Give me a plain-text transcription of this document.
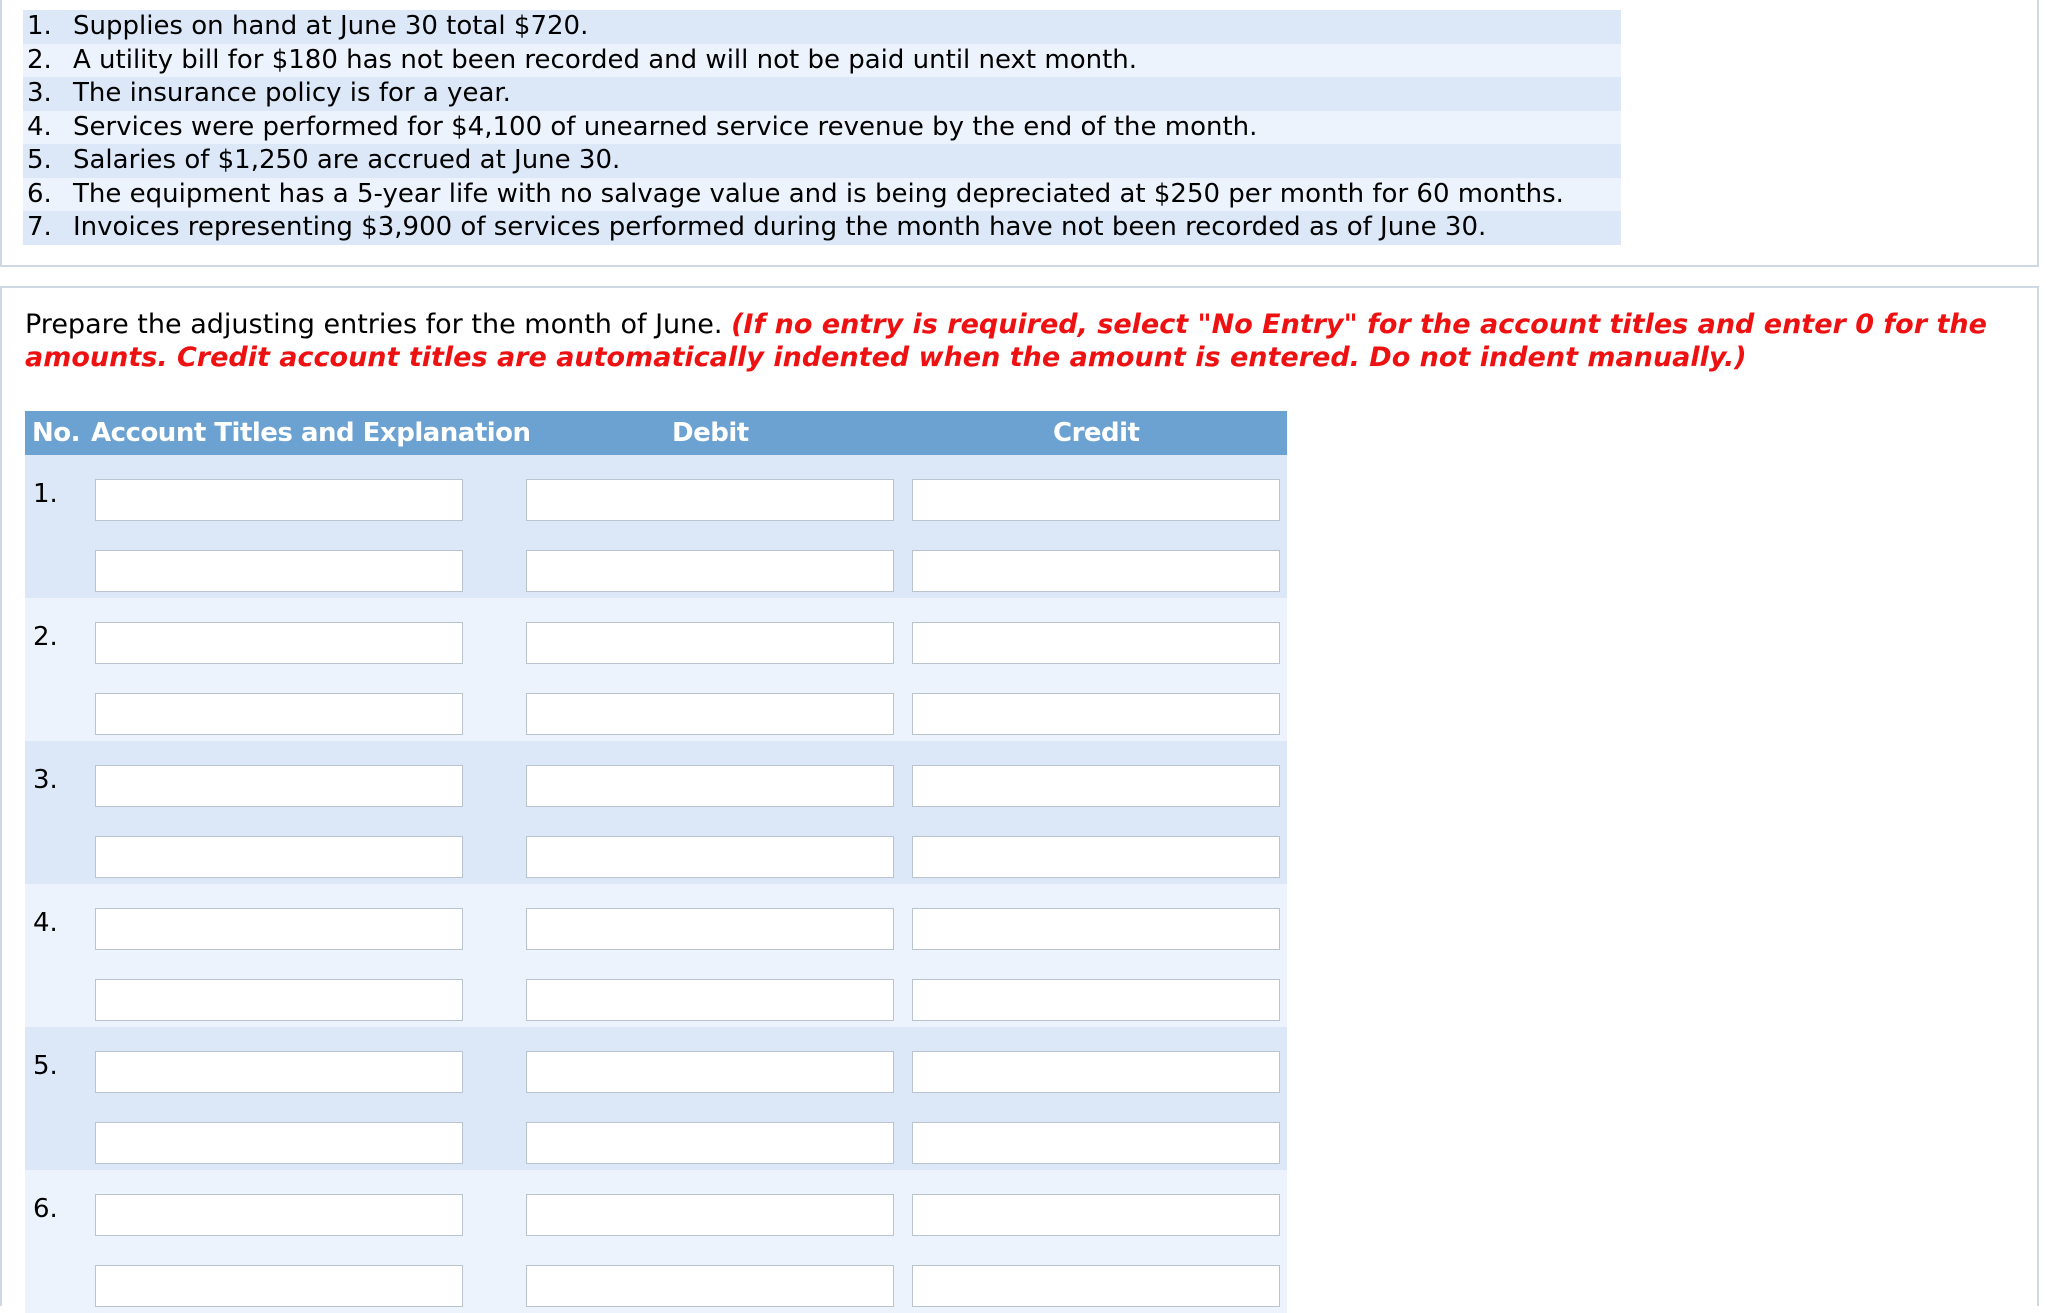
1. Supplies on hand at June 30 total $720.
2. A utility bill for $180 has not been recorded and will not be paid until next month.
3. The insurance policy is for a year.
4. Services were performed for $4,100 of unearned service revenue by the end of the month.
5. Salaries of $1,250 are accrued at June 30.
6. The equipment has a 5-year life with no salvage value and is being depreciated at $250 per month for 60 months.
7. Invoices representing $3,900 of services performed during the month have not been recorded as of June 30.
Prepare the adjusting entries for the month of June. (If no entry is required, select "No Entry" for the account titles and enter 0 for the amounts. Credit account titles are automatically indented when the amount is entered. Do not indent manually.)
No. Account Titles and Explanation	Debit	Credit
1.
2.
3.
4.
5.
6.
